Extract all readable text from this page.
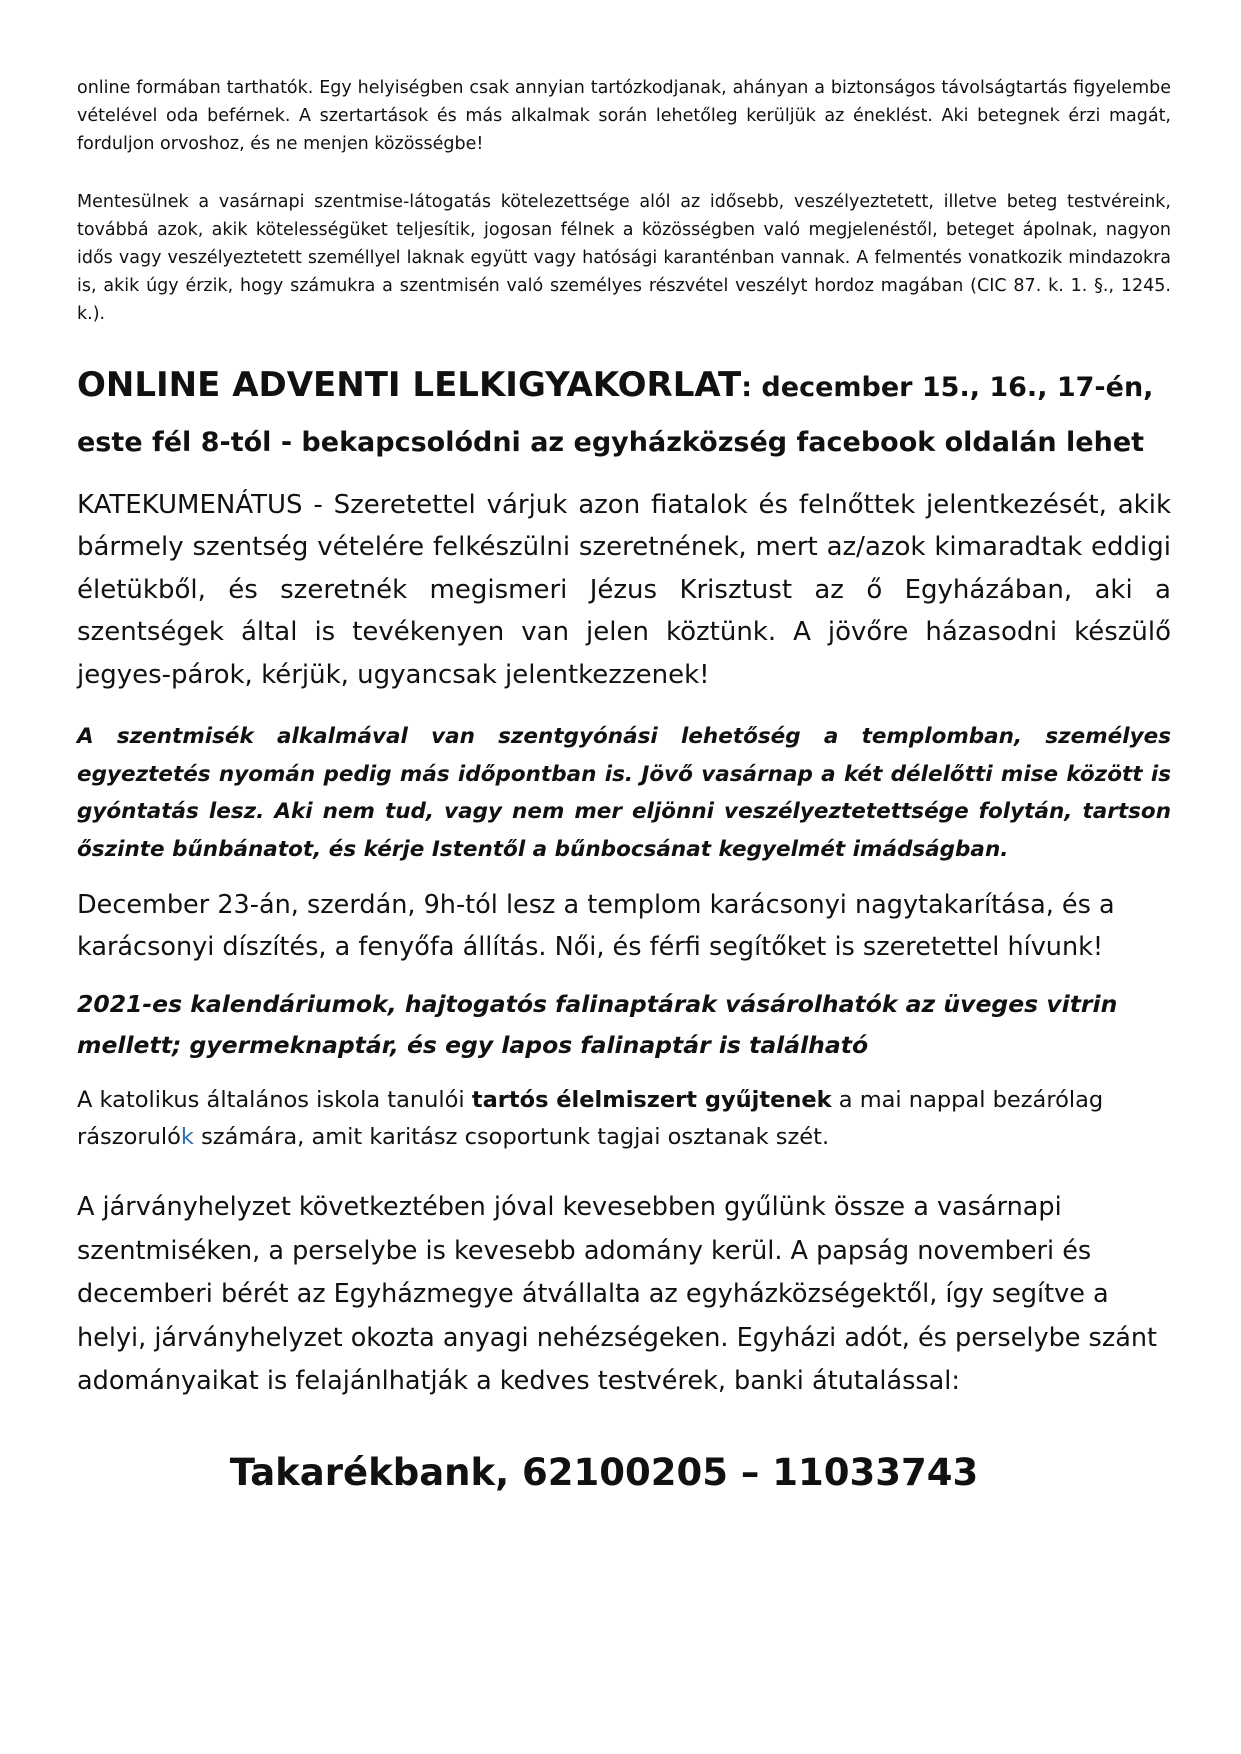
online formában tarthatók. Egy helyiségben csak annyian tartózkodjanak, ahányan a biztonságos távolságtartás figyelembe vételével oda beférnek. A szertartások és más alkalmak során lehetőleg kerüljük az éneklést. Aki betegnek érzi magát, forduljon orvoshoz, és ne menjen közösségbe!

Mentesülnek a vasárnapi szentmise-látogatás kötelezettsége alól az idősebb, veszélyeztetett, illetve beteg testvéreink, továbbá azok, akik kötelességüket teljesítik, jogosan félnek a közösségben való megjelenéstől, beteget ápolnak, nagyon idős vagy veszélyeztetett személlyel laknak együtt vagy hatósági karanténban vannak. A felmentés vonatkozik mindazokra is, akik úgy érzik, hogy számukra a szentmisén való személyes részvétel veszélyt hordoz magában (CIC 87. k. 1. §., 1245. k.).

ONLINE ADVENTI LELKIGYAKORLAT: december 15., 16., 17-én,
este fél 8-tól - bekapcsolódni az egyházközség facebook oldalán lehet

KATEKUMENÁTUS - Szeretettel várjuk azon fiatalok és felnőttek jelentkezését, akik bármely szentség vételére felkészülni szeretnének, mert az/azok kimaradtak eddigi életükből, és szeretnék megismeri Jézus Krisztust az ő Egyházában, aki a szentségek által is tevékenyen van jelen köztünk. A jövőre házasodni készülő jegyes-párok, kérjük, ugyancsak jelentkezzenek!

A szentmisék alkalmával van szentgyónási lehetőség a templomban, személyes egyeztetés nyomán pedig más időpontban is. Jövő vasárnap a két délelőtti mise között is gyóntatás lesz. Aki nem tud, vagy nem mer eljönni veszélyeztetettsége folytán, tartson őszinte bűnbánatot, és kérje Istentől a bűnbocsánat kegyelmét imádságban.

December 23-án, szerdán, 9h-tól lesz a templom karácsonyi nagytakarítása, és a karácsonyi díszítés, a fenyőfa állítás. Női, és férfi segítőket is szeretettel hívunk!

2021-es kalendáriumok, hajtogatós falinaptárak vásárolhatók az üveges vitrin mellett; gyermeknaptár, és egy lapos falinaptár is található

A katolikus általános iskola tanulói tartós élelmiszert gyűjtenek a mai nappal bezárólag rászorulók számára, amit karitász csoportunk tagjai osztanak szét.

A járványhelyzet következtében jóval kevesebben gyűlünk össze a vasárnapi szentmiséken, a perselybe is kevesebb adomány kerül. A papság novemberi és decemberi bérét az Egyházmegye átvállalta az egyházközségektől, így segítve a helyi, járványhelyzet okozta anyagi nehézségeken. Egyházi adót, és perselybe szánt adományaikat is felajánlhatják a kedves testvérek, banki átutalással:

Takarékbank, 62100205 – 11033743
